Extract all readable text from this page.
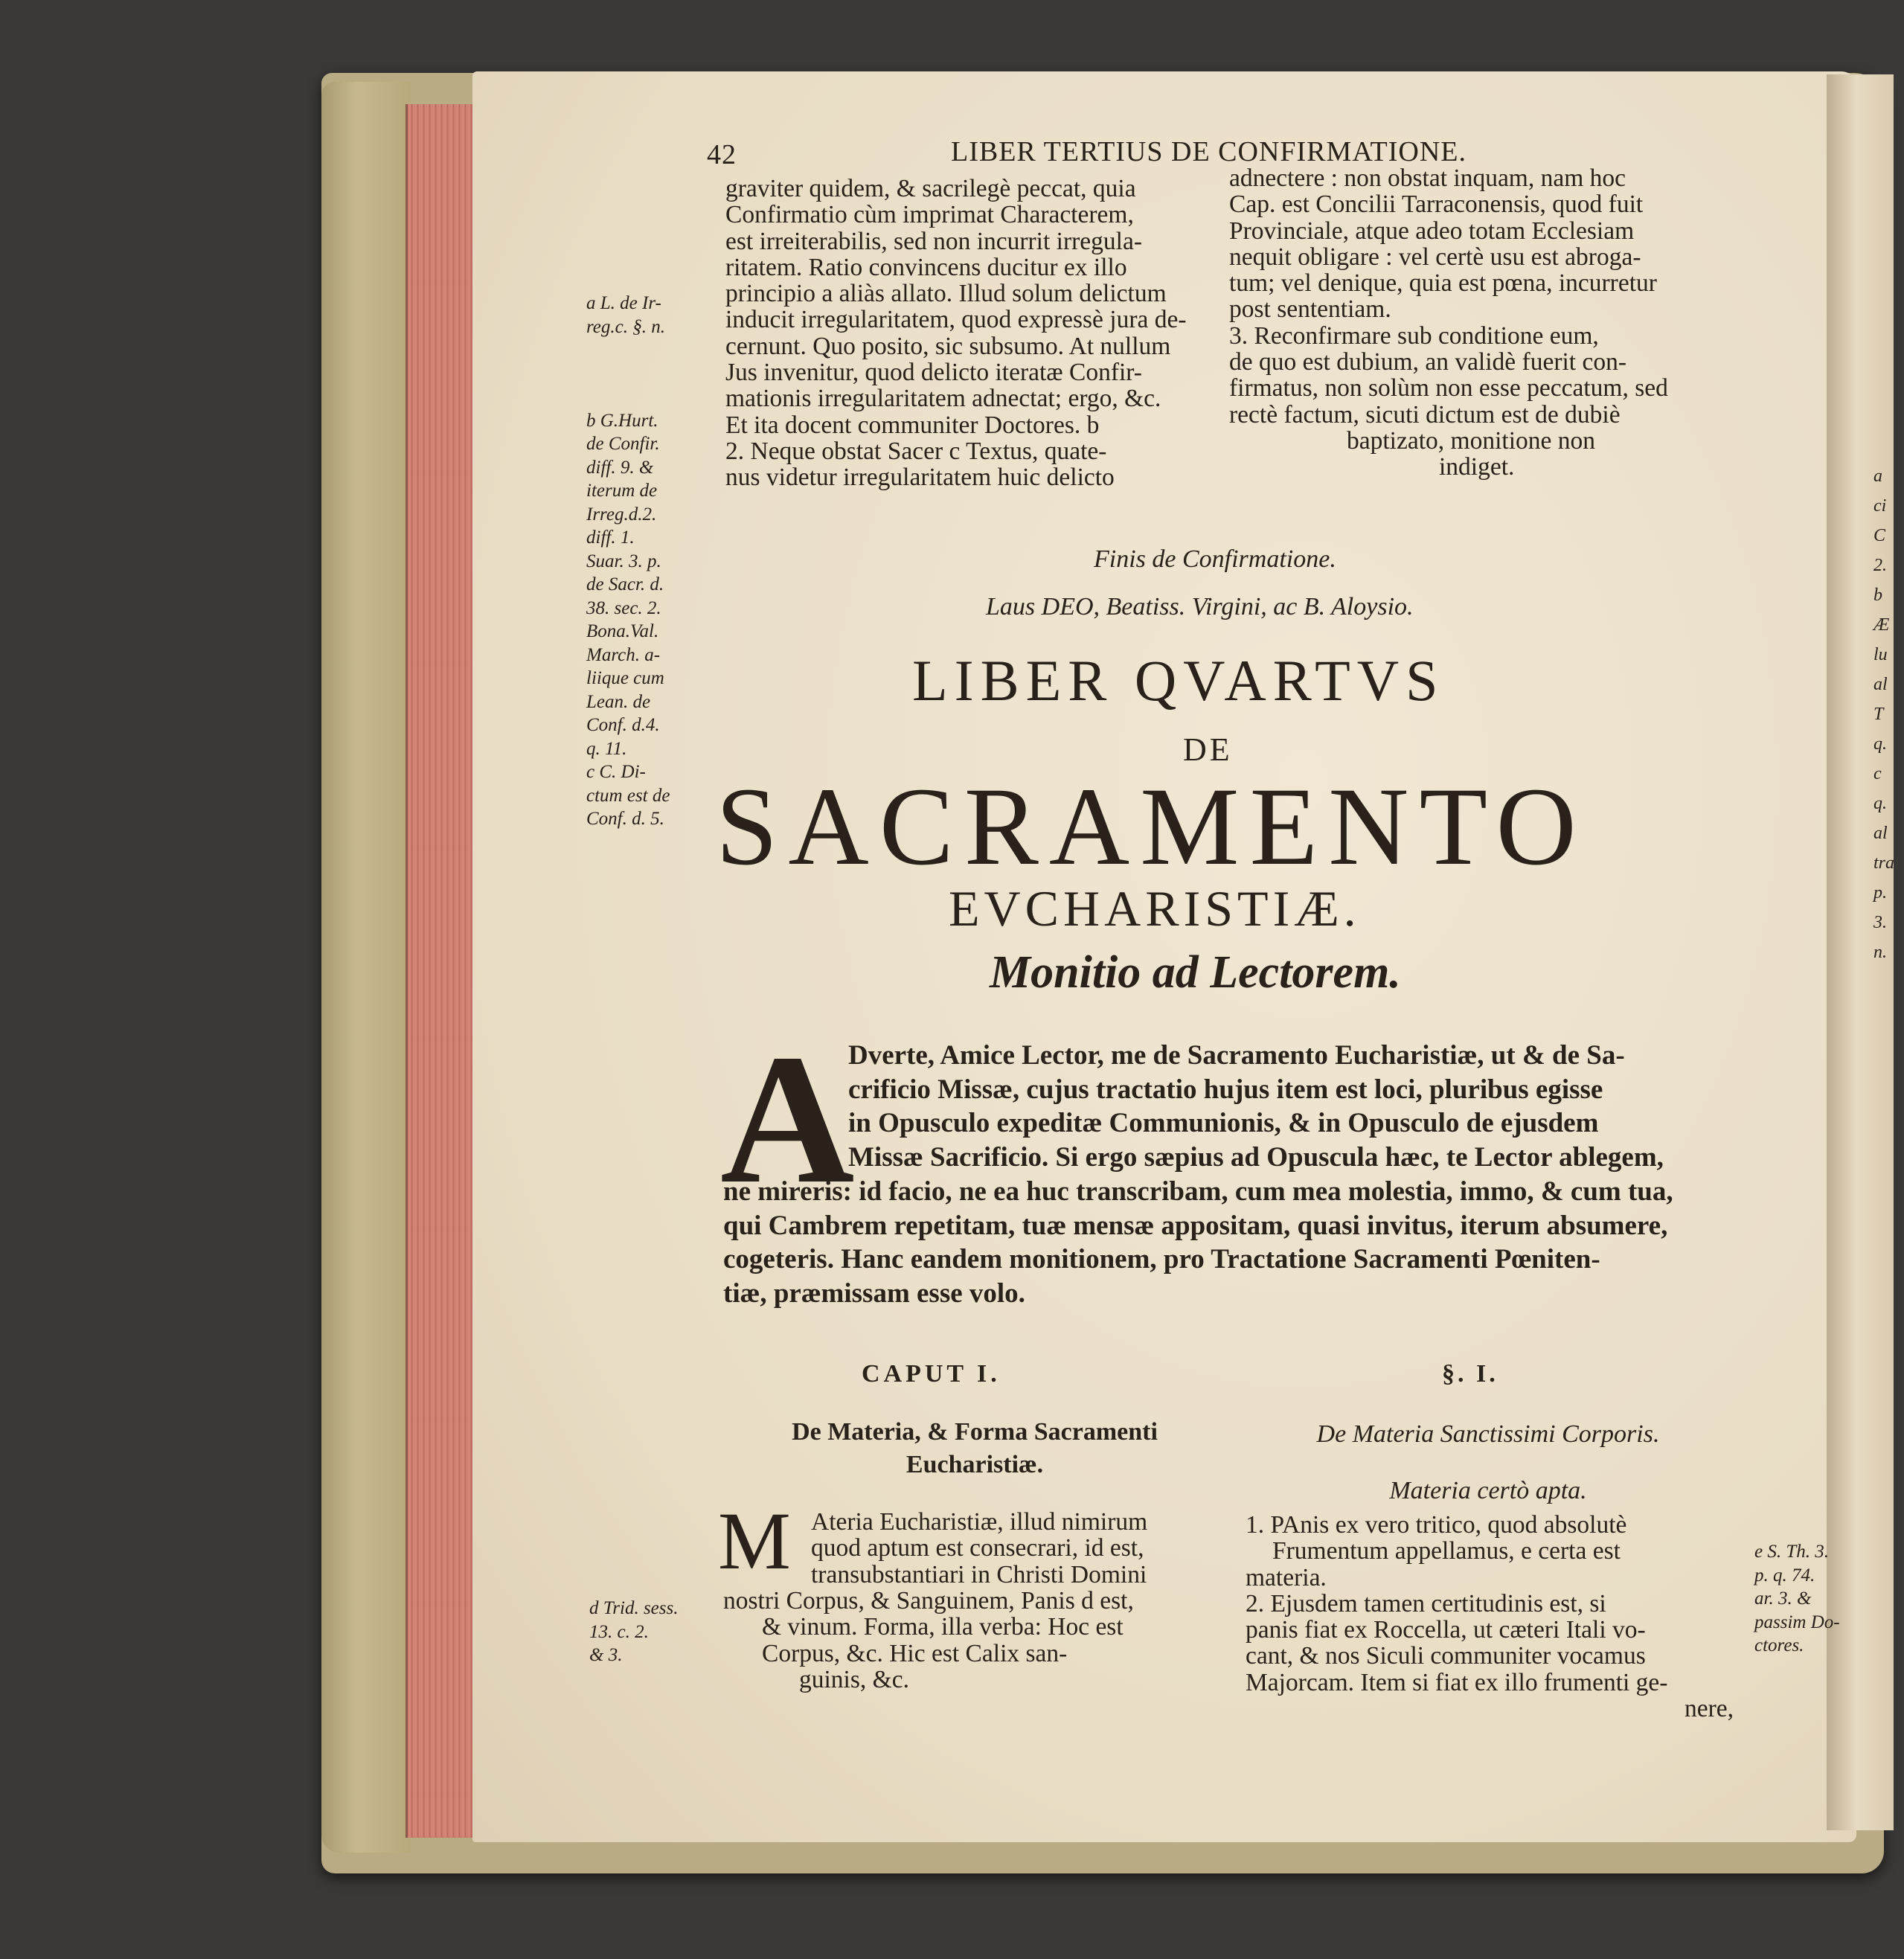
42	LIBER TERTIUS DE CONFIRMATIONE.
graviter quidem, & sacrilegè peccat, quia
Confirmatio cùm imprimat Characterem,
est irreiterabilis, sed non incurrit irregula-
ritatem. Ratio convincens ducitur ex illo
principio a aliàs allato. Illud solum delictum
inducit irregularitatem, quod expressè jura de-
cernunt. Quo posito, sic subsumo. At nullum
Jus invenitur, quod delicto iteratæ Confir-
mationis irregularitatem adnectat; ergo, &c.
Et ita docent communiter Doctores. b
2. Neque obstat Sacer c Textus, quate-
nus videtur irregularitatem huic delicto
adnectere : non obstat inquam, nam hoc
Cap. est Concilii Tarraconensis, quod fuit
Provinciale, atque adeo totam Ecclesiam
nequit obligare : vel certè usu est abroga-
tum; vel denique, quia est pœna, incurretur
post sententiam.
3. Reconfirmare sub conditione eum,
de quo est dubium, an validè fuerit con-
firmatus, non solùm non esse peccatum, sed
rectè factum, sicuti dictum est de dubiè
baptizato, monitione non
indiget.
a L. de Ir-
reg.c. §. n.
b G.Hurt.
de Confir.
diff. 9. &
iterum de
Irreg.d.2.
diff. 1.
Suar. 3. p.
de Sacr. d.
38. sec. 2.
Bona.Val.
March. a-
liique cum
Lean. de
Conf. d.4.
q. 11.
c C. Di-
ctum est de
Conf. d. 5.
Finis de Confirmatione.
Laus DEO, Beatiss. Virgini, ac B. Aloysio.
LIBER QVARTVS
DE
SACRAMENTO
EVCHARISTIÆ.
Monitio ad Lectorem.
A
Dverte, Amice Lector, me de Sacramento Eucharistiæ, ut & de Sa-
crificio Missæ, cujus tractatio hujus item est loci, pluribus egisse
in Opusculo expeditæ Communionis, & in Opusculo de ejusdem
Missæ Sacrificio. Si ergo sæpius ad Opuscula hæc, te Lector ablegem,
ne mireris: id facio, ne ea huc transcribam, cum mea molestia, immo, & cum tua,
qui Cambrem repetitam, tuæ mensæ appositam, quasi invitus, iterum absumere,
cogeteris. Hanc eandem monitionem, pro Tractatione Sacramenti Pœniten-
tiæ, præmissam esse volo.
CAPUT I.
De Materia, & Forma Sacramenti
Eucharistiæ.
M Ateria Eucharistiæ, illud nimirum
quod aptum est consecrari, id est,
transubstantiari in Christi Domini
nostri Corpus, & Sanguinem, Panis d est,
& vinum. Forma, illa verba: Hoc est
Corpus, &c. Hic est Calix san-
guinis, &c.
d Trid. sess.
13. c. 2.
& 3.
§. I.
De Materia Sanctissimi Corporis.
Materia certò apta.
1. PAnis ex vero tritico, quod absolutè
Frumentum appellamus, e certa est
materia.
2. Ejusdem tamen certitudinis est, si
panis fiat ex Roccella, ut cæteri Itali vo-
cant, & nos Siculi communiter vocamus
Majorcam. Item si fiat ex illo frumenti ge-
nere,
e S. Th. 3.
p. q. 74.
ar. 3. &
passim Do-
ctores.
a
ci
C
2.
b
Æ
lu
al
T
q.
c
q.
al
tra
p.
3.
n.
